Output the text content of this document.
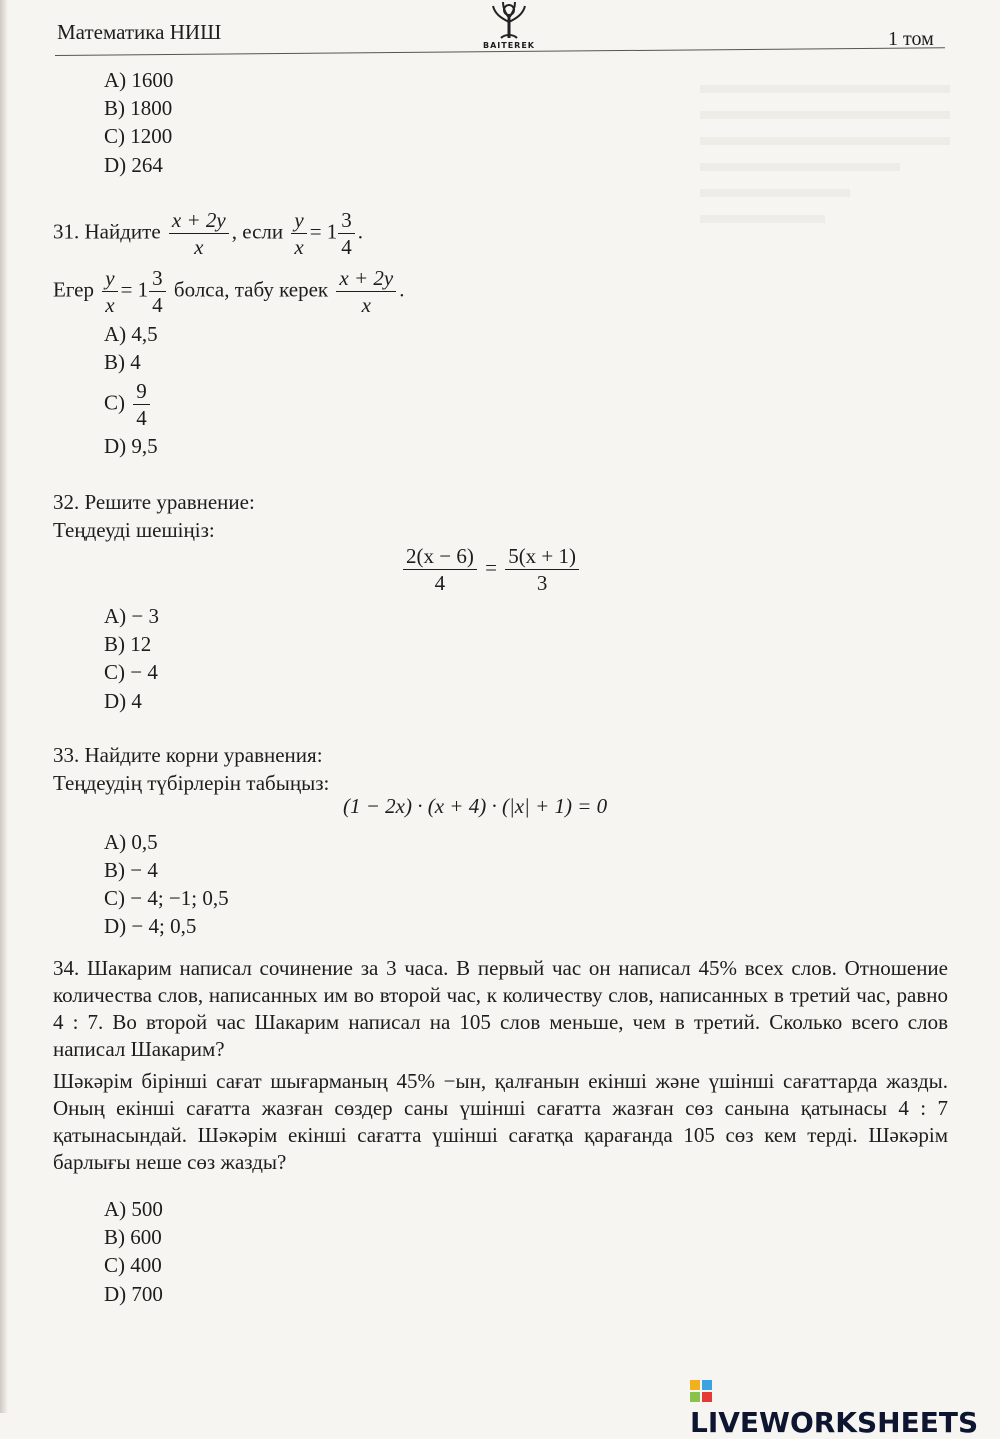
Математика НИШ
BAITEREK	1 том
A) 1600
B) 1800
C) 1200
D) 264
31. Найдите $\frac{x + 2y}{x}$ , если $\frac{y}{x} = 1 \frac{3}{4}$ .
Егер $\frac{y}{x} = 1 \frac{3}{4}$ болса, табу керек $\frac{x + 2y}{x}$ .
A) 4,5
B) 4
$C) \frac{9}{4}$
D) 9,5
32. Решите уравнение:
Теңдеуді шешіңіз:
$\frac{2(x - 6)}{4} = \frac{5(x + 1)}{3}$
A) − 3
B) 12
C) − 4
D) 4
33. Найдите корни уравнения:
Теңдеудің түбірлерін табыңыз:
(1 − 2x) · (x + 4) · (|x| + 1) = 0
A) 0,5
B) − 4
C) − 4; −1; 0,5
D) − 4; 0,5
34. Шакарим написал сочинение за 3 часа. В первый час он написал 45% всех слов. Отношение количества слов, написанных им во второй час, к количеству слов, написанных в третий час, равно 4 : 7. Во второй час Шакарим написал на 105 слов меньше, чем в третий. Сколько всего слов написал Шакарим?
Шәкәрім бірінші сағат шығарманың 45% −ын, қалғанын екінші және үшінші сағаттарда жазды. Оның екінші сағатта жазған сөздер саны үшінші сағатта жазған сөз санына қатынасы 4 : 7 қатынасындай. Шәкәрім екінші сағатта үшінші сағатқа қарағанда 105 сөз кем терді. Шәкәрім барлығы неше сөз жазды?
A) 500
B) 600
C) 400
D) 700
LIVEWORKSHEETS
